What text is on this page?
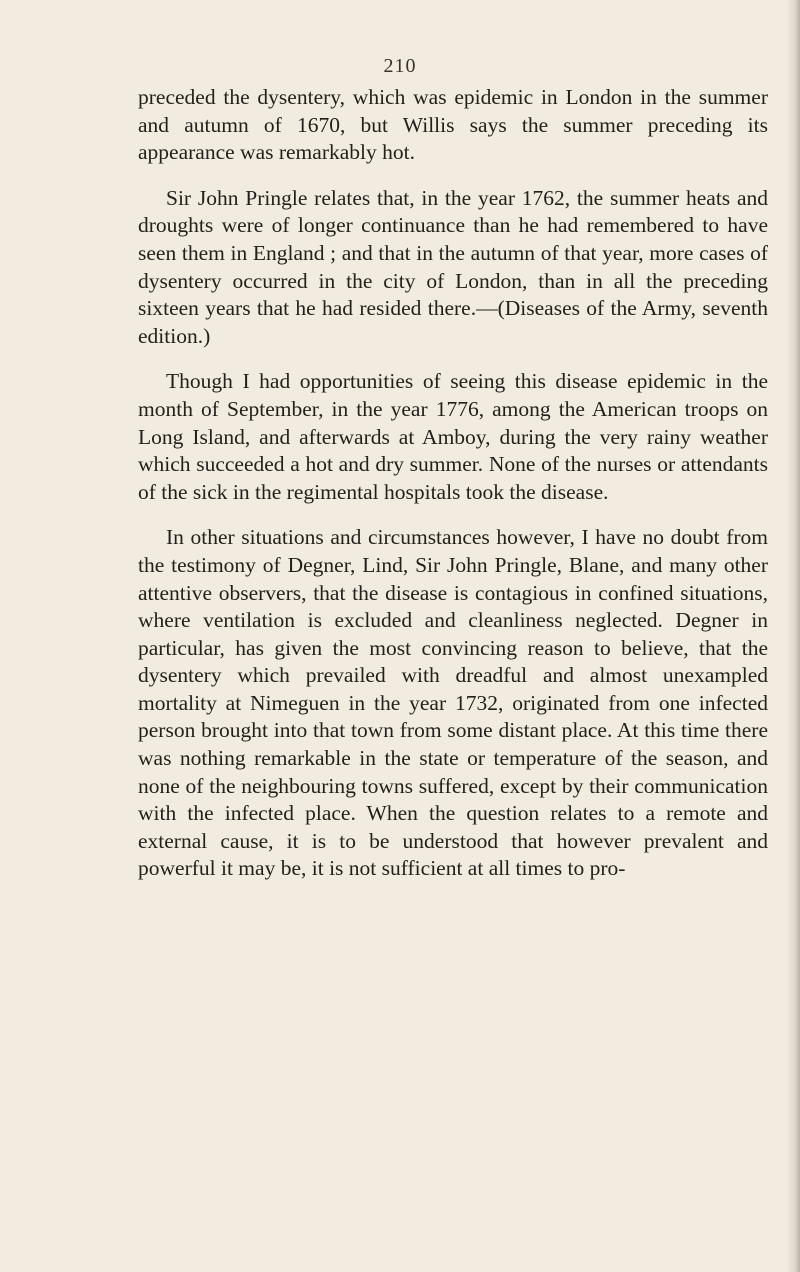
210

preceded the dysentery, which was epidemic in London in the summer and autumn of 1670, but Willis says the summer preceding its appearance was remarkably hot.

Sir John Pringle relates that, in the year 1762, the summer heats and droughts were of longer continuance than he had remembered to have seen them in England ; and that in the autumn of that year, more cases of dysentery occurred in the city of London, than in all the preceding sixteen years that he had resided there.—(Diseases of the Army, seventh edition.)

Though I had opportunities of seeing this disease epidemic in the month of September, in the year 1776, among the American troops on Long Island, and afterwards at Amboy, during the very rainy weather which succeeded a hot and dry summer. None of the nurses or attendants of the sick in the regimental hospitals took the disease.

In other situations and circumstances however, I have no doubt from the testimony of Degner, Lind, Sir John Pringle, Blane, and many other attentive observers, that the disease is contagious in confined situations, where ventilation is excluded and cleanliness neglected. Degner in particular, has given the most convincing reason to believe, that the dysentery which prevailed with dreadful and almost unexampled mortality at Nimeguen in the year 1732, originated from one infected person brought into that town from some distant place. At this time there was nothing remarkable in the state or temperature of the season, and none of the neighbouring towns suffered, except by their communication with the infected place. When the question relates to a remote and external cause, it is to be understood that however prevalent and powerful it may be, it is not sufficient at all times to pro-
